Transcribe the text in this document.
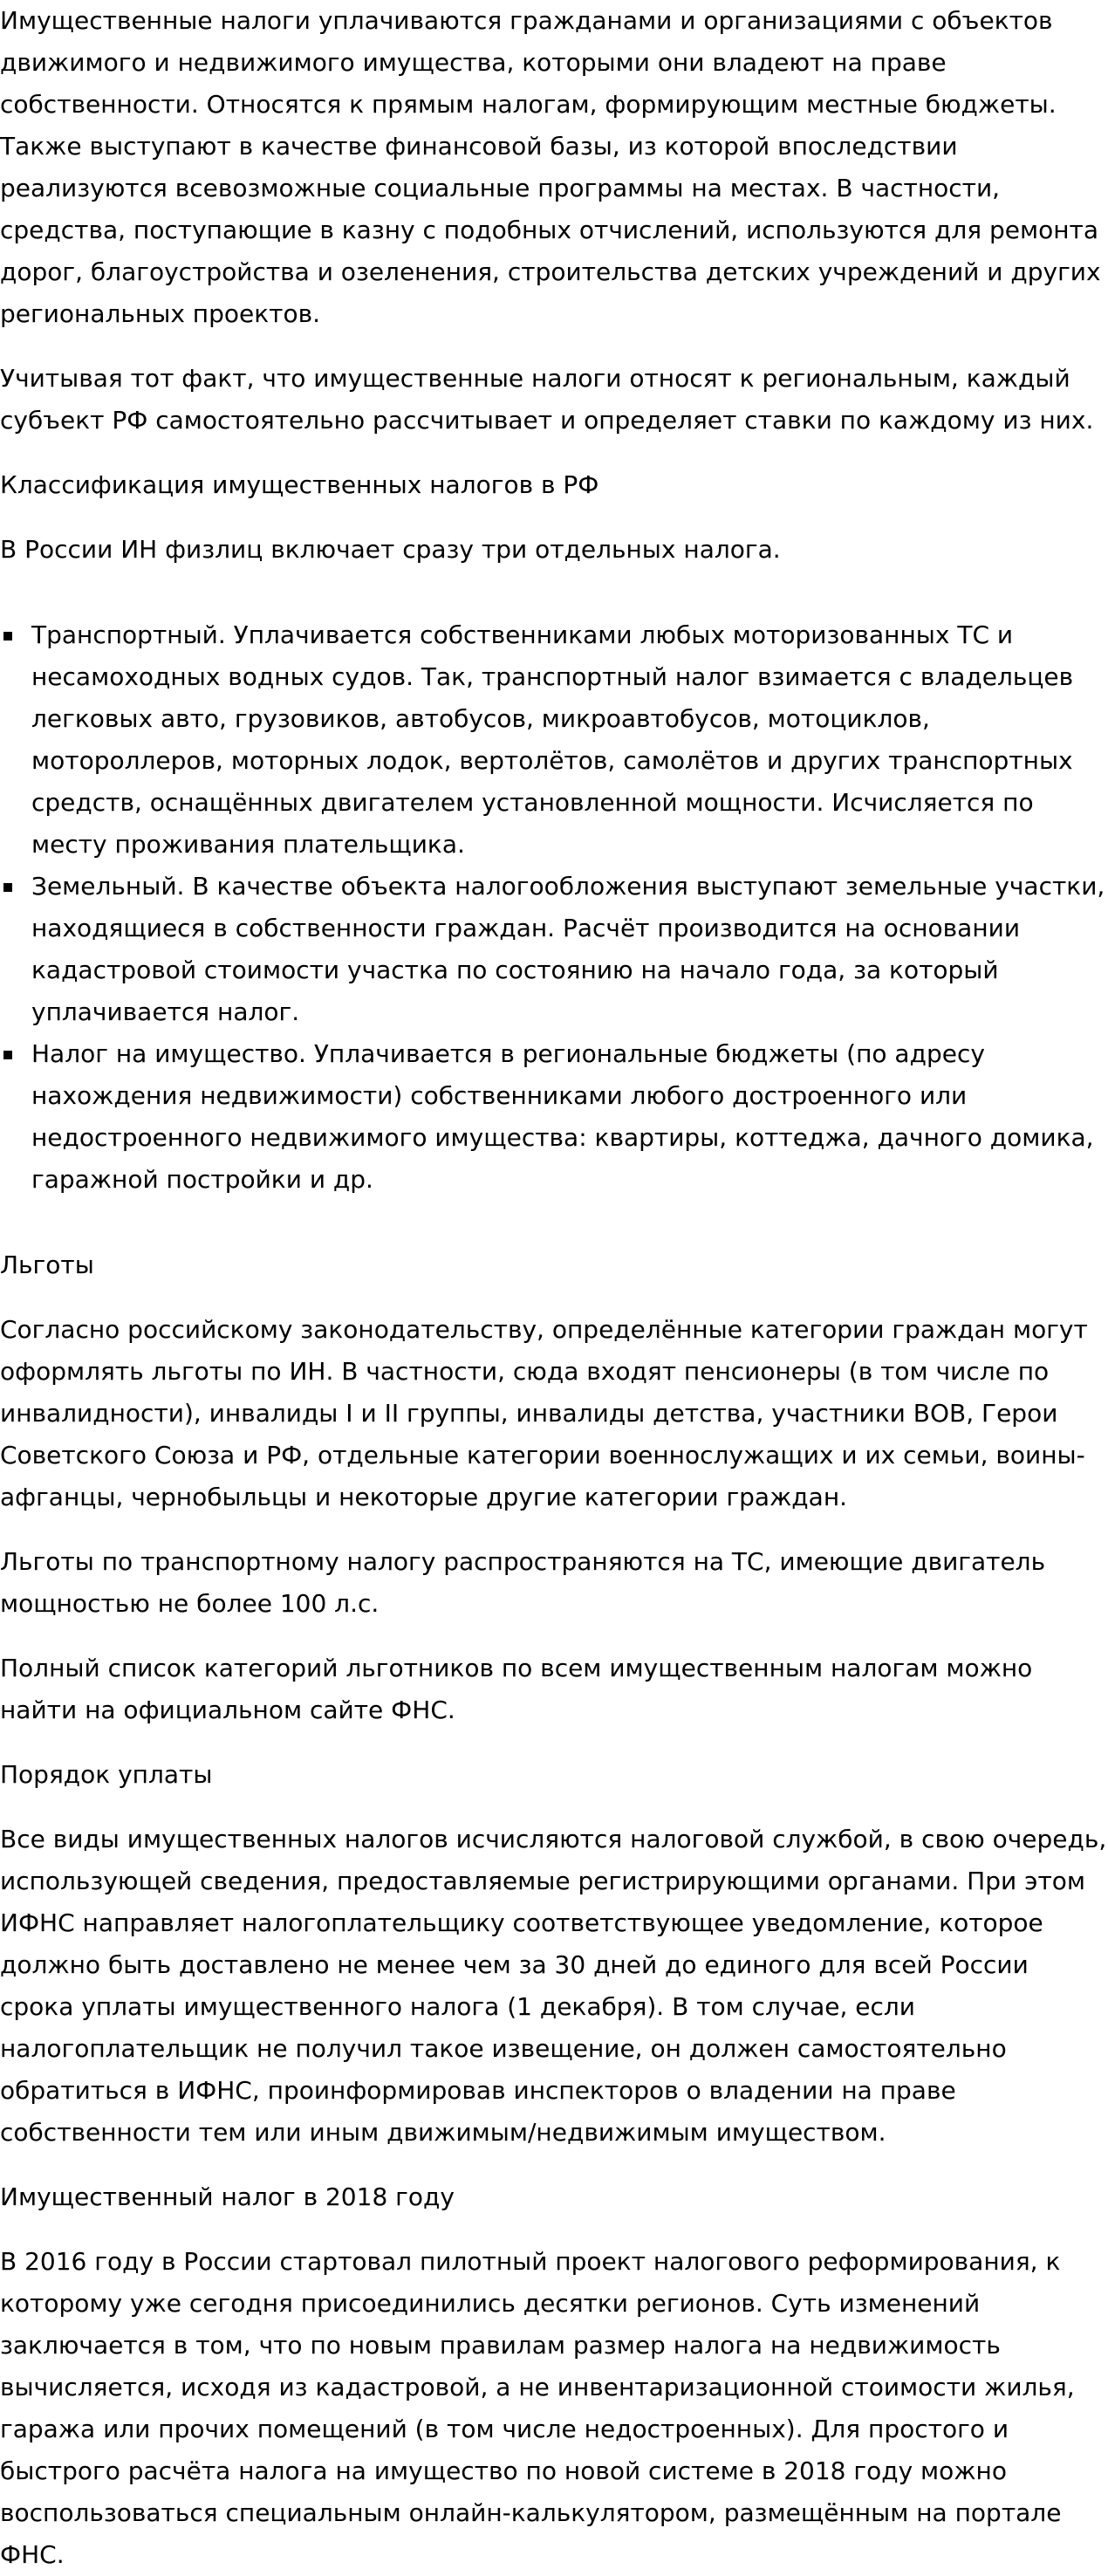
Имущественные налоги уплачиваются гражданами и организациями с объектов движимого и недвижимого имущества, которыми они владеют на праве собственности. Относятся к прямым налогам, формирующим местные бюджеты. Также выступают в качестве финансовой базы, из которой впоследствии реализуются всевозможные социальные программы на местах. В частности, средства, поступающие в казну с подобных отчислений, используются для ремонта дорог, благоустройства и озеленения, строительства детских учреждений и других региональных проектов.

Учитывая тот факт, что имущественные налоги относят к региональным, каждый субъект РФ самостоятельно рассчитывает и определяет ставки по каждому из них.

Классификация имущественных налогов в РФ

В России ИН физлиц включает сразу три отдельных налога.

Транспортный. Уплачивается собственниками любых моторизованных ТС и несамоходных водных судов. Так, транспортный налог взимается с владельцев легковых авто, грузовиков, автобусов, микроавтобусов, мотоциклов, мотороллеров, моторных лодок, вертолётов, самолётов и других транспортных средств, оснащённых двигателем установленной мощности. Исчисляется по месту проживания плательщика.
Земельный. В качестве объекта налогообложения выступают земельные участки, находящиеся в собственности граждан. Расчёт производится на основании кадастровой стоимости участка по состоянию на начало года, за который уплачивается налог.
Налог на имущество. Уплачивается в региональные бюджеты (по адресу нахождения недвижимости) собственниками любого достроенного или недостроенного недвижимого имущества: квартиры, коттеджа, дачного домика, гаражной постройки и др.

Льготы

Согласно российскому законодательству, определённые категории граждан могут оформлять льготы по ИН. В частности, сюда входят пенсионеры (в том числе по инвалидности), инвалиды I и II группы, инвалиды детства, участники ВОВ, Герои Советского Союза и РФ, отдельные категории военнослужащих и их семьи, воины-афганцы, чернобыльцы и некоторые другие категории граждан.

Льготы по транспортному налогу распространяются на ТС, имеющие двигатель мощностью не более 100 л.с.

Полный список категорий льготников по всем имущественным налогам можно найти на официальном сайте ФНС.

Порядок уплаты

Все виды имущественных налогов исчисляются налоговой службой, в свою очередь, использующей сведения, предоставляемые регистрирующими органами. При этом ИФНС направляет налогоплательщику соответствующее уведомление, которое должно быть доставлено не менее чем за 30 дней до единого для всей России срока уплаты имущественного налога (1 декабря). В том случае, если налогоплательщик не получил такое извещение, он должен самостоятельно обратиться в ИФНС, проинформировав инспекторов о владении на праве собственности тем или иным движимым/недвижимым имуществом.

Имущественный налог в 2018 году

В 2016 году в России стартовал пилотный проект налогового реформирования, к которому уже сегодня присоединились десятки регионов. Суть изменений заключается в том, что по новым правилам размер налога на недвижимость вычисляется, исходя из кадастровой, а не инвентаризационной стоимости жилья, гаража или прочих помещений (в том числе недостроенных). Для простого и быстрого расчёта налога на имущество по новой системе в 2018 году можно воспользоваться специальным онлайн-калькулятором, размещённым на портале ФНС.
